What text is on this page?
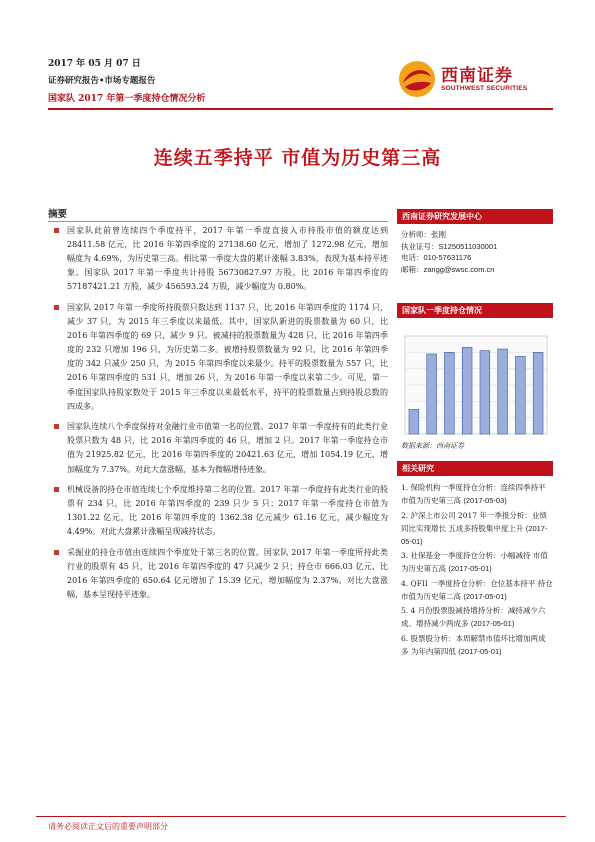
2017 年 05 月 07 日
证券研究报告•市场专题报告
国家队 2017 年第一季度持仓情况分析
西南证券
SOUTHWEST SECURITIES
连续五季持平 市值为历史第三高
摘要
国家队此前曾连续四个季度持平，2017 年第一季度直接入市持股市值的额度达到 28411.58 亿元，比 2016 年第四季度的 27138.60 亿元，增加了 1272.98 亿元，增加幅度为 4.69%，为历史第三高。相比第一季度大盘的累计涨幅 3.83%，表现为基本持平迹象。国家队 2017 年第一季度共计持股 56730827.97 万股，比 2016 年第四季度的 57187421.21 万股，减少 456593.24 万股，减少幅度为 0.80%。
国家队 2017 年第一季度所持股票只数达到 1137 只，比 2016 年第四季度的 1174 只，减少 37 只，为 2015 年三季度以来最低。其中，国家队新进的股票数量为 60 只，比 2016 年第四季度的 69 只，减少 9 只。被减持的股票数量为 428 只，比 2016 年第四季度的 232 只增加 196 只，为历史第二多。被增持股票数量为 92 只，比 2016 年第四季度的 342 只减少 250 只，为 2015 年第四季度以来最少。持平的股票数量为 557 只，比 2016 年第四季度的 531 只，增加 26 只，为 2016 年第一季度以来第二少。可见，第一季度国家队持股家数处于 2015 年三季度以来最低水平，持平的股票数量占到持股总数的四成多。
国家队连续八个季度保持对金融行业市值第一名的位置。2017 年第一季度持有的此类行业股票只数为 48 只，比 2016 年第四季度的 46 只，增加 2 只。2017 年第一季度持仓市值为 21925.82 亿元，比 2016 年第四季度的 20421.63 亿元，增加 1054.19 亿元，增加幅度为 7.37%。对此大盘涨幅，基本为微幅增持迹象。
机械设备的持仓市值连续七个季度维持第二名的位置。2017 年第一季度持有此类行业的股票有 234 只，比 2016 年第四季度的 239 只少 5 只；2017 年第一季度持仓市值为 1301.22 亿元，比 2016 年第四季度的 1362.38 亿元减少 61.16 亿元，减少幅度为 4.49%。对此大盘累计涨幅呈现减持状态。
采掘业的持仓市值由连续四个季度处于第三名的位置。国家队 2017 年第一季度所持此类行业的股票有 45 只，比 2016 年第四季度的 47 只减少 2 只；持仓市 666.03 亿元，比 2016 年第四季度的 650.64 亿元增加了 15.39 亿元，增加幅度为 2.37%。对比大盘涨幅，基本呈现持平迹象。
西南证券研究发展中心
分析师：张刚
执业证号：S1250511030001
电话：010-57631176
邮箱：zangg@swsc.com.cn
国家队一季度持仓情况
数据来源：西南证券
相关研究
1. 保险机构一季度持仓分析：连续四季持平 市值为历史第三高 (2017-05-03)
2. 沪深上市公司 2017 年一季报分析：业绩同比实现增长 五成多持股集中度上升 (2017-05-01)
3. 社保基金一季度持仓分析：小幅减持 市值为历史第五高 (2017-05-01)
4. QFII 一季度持仓分析：仓位基本持平 持仓市值为历史第二高 (2017-05-01)
5. 4 月份股票股减持增持分析：减持减少六成、增持减少两成多 (2017-05-01)
6. 股票股分析：本周解禁市值环比增加两成多 为年内第四低 (2017-05-01)
请务必阅读正文后的重要声明部分
